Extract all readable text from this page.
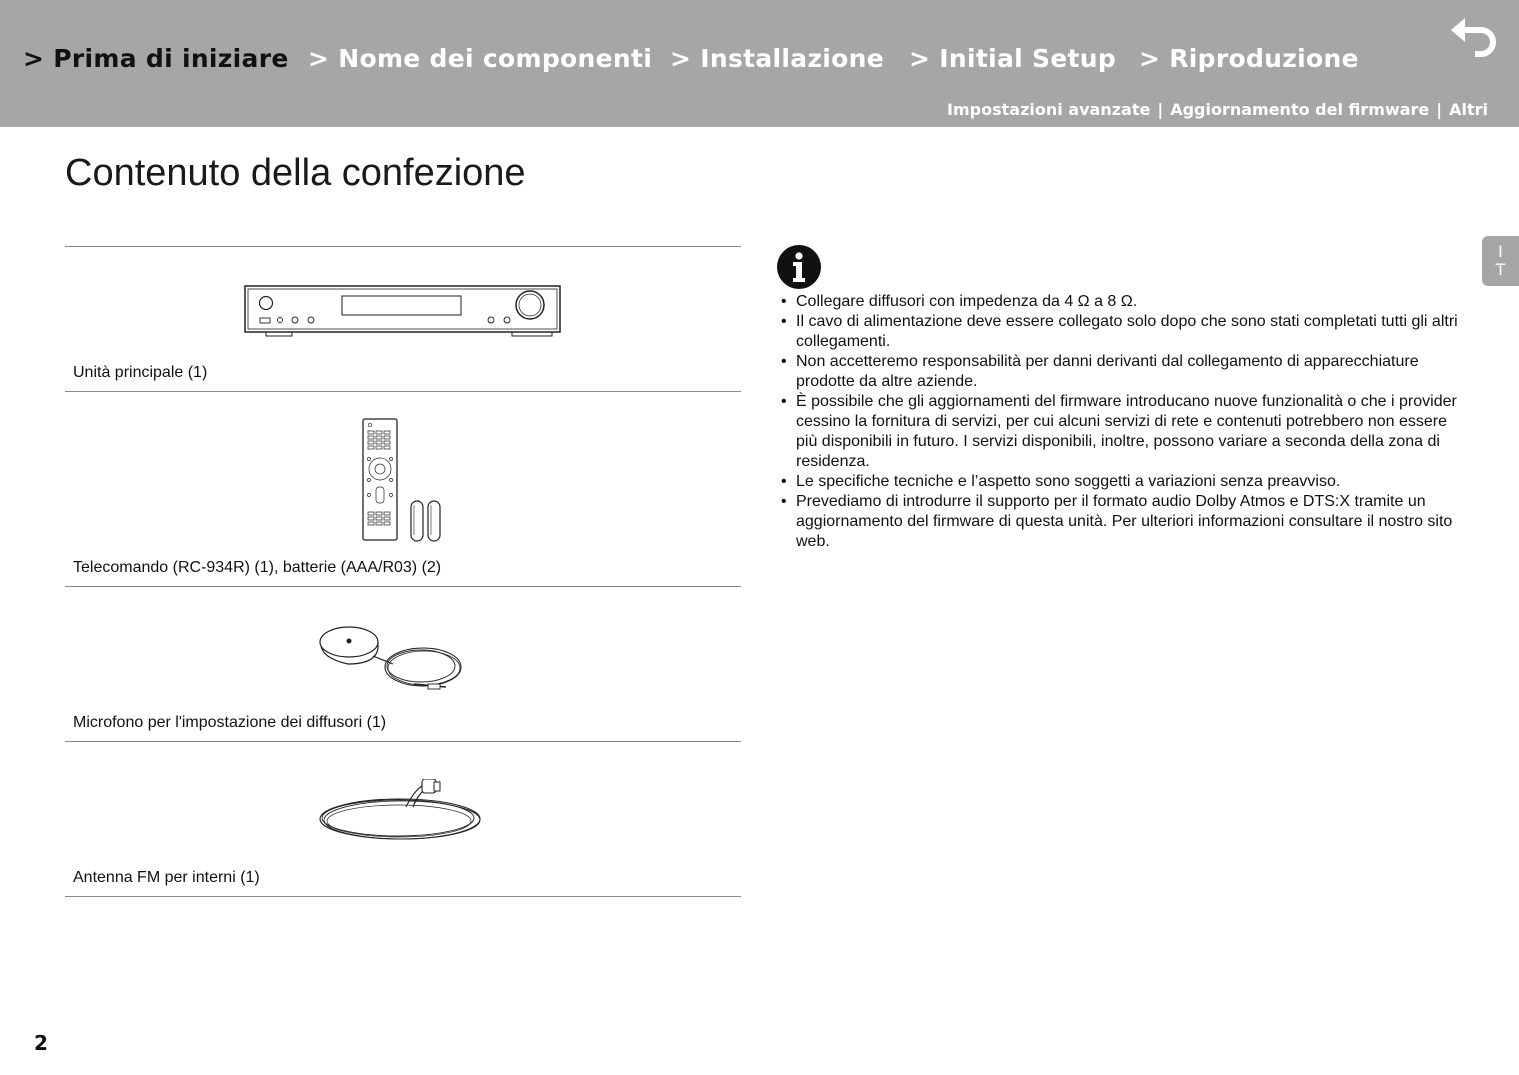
> Prima di iniziare > Nome dei componenti > Installazione > Initial Setup > Riproduzione
Impostazioni avanzate | Aggiornamento del firmware | Altri
Contenuto della confezione
I
T
Unità principale (1)
Telecomando (RC-934R) (1), batterie (AAA/R03) (2)
Microfono per l'impostazione dei diffusori (1)
Antenna FM per interni (1)
• Collegare diffusori con impedenza da 4 Ω a 8 Ω.
• Il cavo di alimentazione deve essere collegato solo dopo che sono stati completati tutti gli altri collegamenti.
• Non accetteremo responsabilità per danni derivanti dal collegamento di apparecchiature prodotte da altre aziende.
• È possibile che gli aggiornamenti del firmware introducano nuove funzionalità o che i provider cessino la fornitura di servizi, per cui alcuni servizi di rete e contenuti potrebbero non essere più disponibili in futuro. I servizi disponibili, inoltre, possono variare a seconda della zona di residenza.
• Le specifiche tecniche e l’aspetto sono soggetti a variazioni senza preavviso.
• Prevediamo di introdurre il supporto per il formato audio Dolby Atmos e DTS:X tramite un aggiornamento del firmware di questa unità. Per ulteriori informazioni consultare il nostro sito web.
2
